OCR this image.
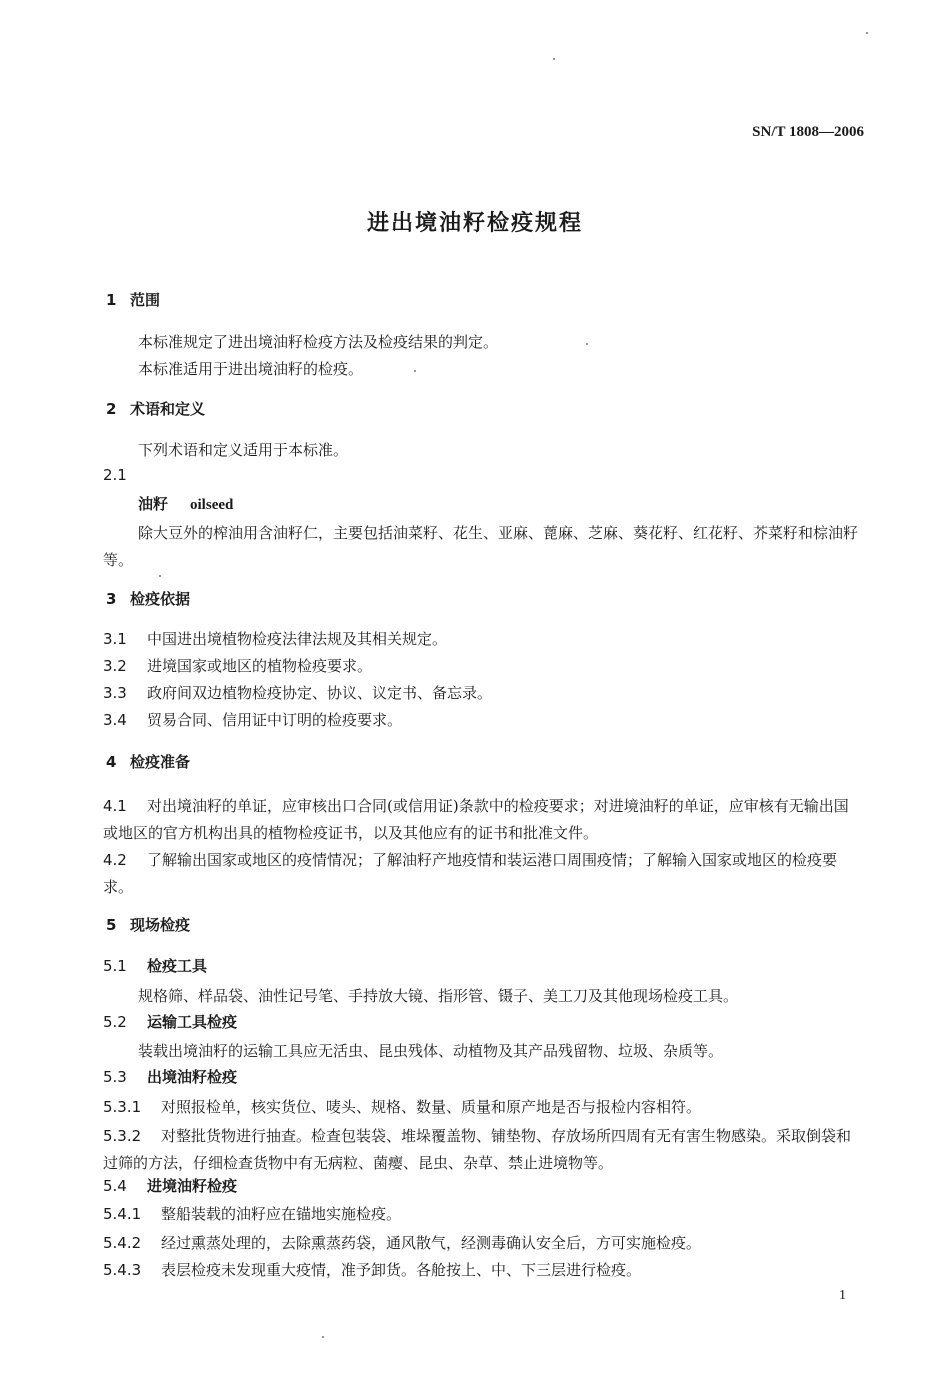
SN/T 1808—2006
进出境油籽检疫规程
1 范围
本标准规定了进出境油籽检疫方法及检疫结果的判定。
本标准适用于进出境油籽的检疫。
2 术语和定义
下列术语和定义适用于本标准。
2.1
油籽 oilseed
除大豆外的榨油用含油籽仁，主要包括油菜籽、花生、亚麻、蓖麻、芝麻、葵花籽、红花籽、芥菜籽和棕油籽等。
3 检疫依据
3.1 中国进出境植物检疫法律法规及其相关规定。
3.2 进境国家或地区的植物检疫要求。
3.3 政府间双边植物检疫协定、协议、议定书、备忘录。
3.4 贸易合同、信用证中订明的检疫要求。
4 检疫准备
4.1 对出境油籽的单证，应审核出口合同(或信用证)条款中的检疫要求；对进境油籽的单证，应审核有无输出国或地区的官方机构出具的植物检疫证书，以及其他应有的证书和批准文件。
4.2 了解输出国家或地区的疫情情况；了解油籽产地疫情和装运港口周围疫情；了解输入国家或地区的检疫要求。
5 现场检疫
5.1 检疫工具
规格筛、样品袋、油性记号笔、手持放大镜、指形管、镊子、美工刀及其他现场检疫工具。
5.2 运输工具检疫
装载出境油籽的运输工具应无活虫、昆虫残体、动植物及其产品残留物、垃圾、杂质等。
5.3 出境油籽检疫
5.3.1 对照报检单，核实货位、唛头、规格、数量、质量和原产地是否与报检内容相符。
5.3.2 对整批货物进行抽查。检查包装袋、堆垛覆盖物、铺垫物、存放场所四周有无有害生物感染。采取倒袋和过筛的方法，仔细检查货物中有无病粒、菌瘿、昆虫、杂草、禁止进境物等。
5.4 进境油籽检疫
5.4.1 整船装载的油籽应在锚地实施检疫。
5.4.2 经过熏蒸处理的，去除熏蒸药袋，通风散气，经测毒确认安全后，方可实施检疫。
5.4.3 表层检疫未发现重大疫情，准予卸货。各舱按上、中、下三层进行检疫。
1
